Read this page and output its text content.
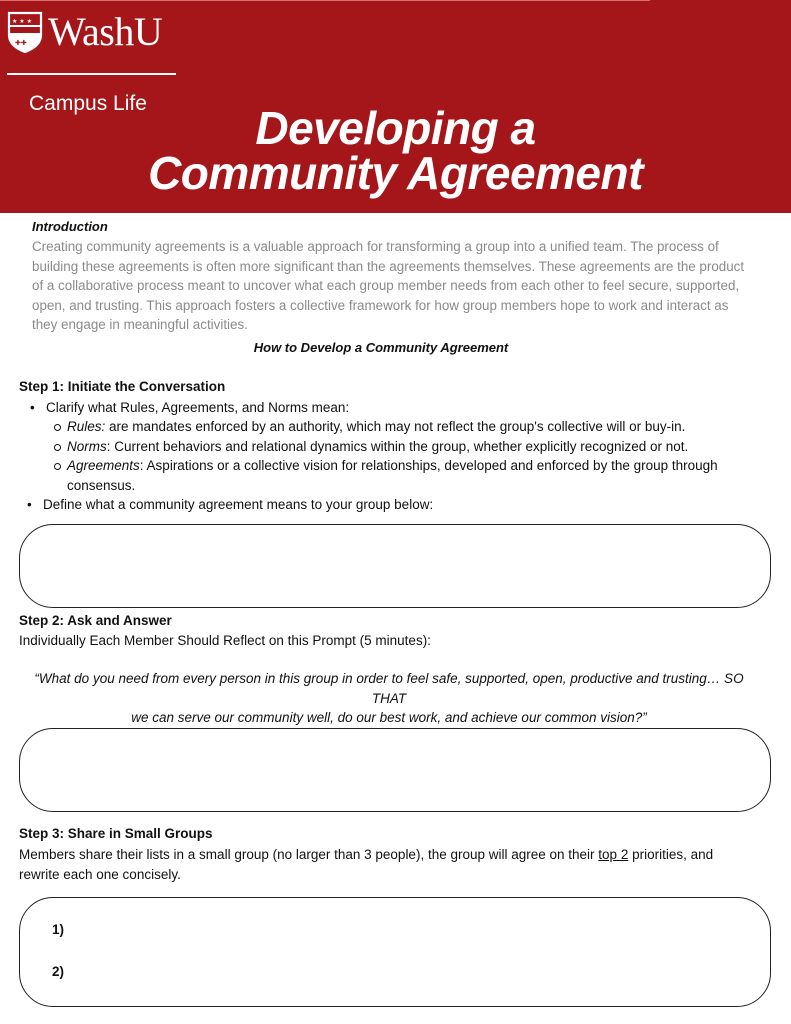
★ ★ ★
✚✚ WashU
Campus Life	Developing a
Community Agreement
Introduction

Creating community agreements is a valuable approach for transforming a group into a unified team. The process of building these agreements is often more significant than the agreements themselves. These agreements are the product of a collaborative process meant to uncover what each group member needs from each other to feel secure, supported, open, and trusting. This approach fosters a collective framework for how group members hope to work and interact as they engage in meaningful activities.

How to Develop a Community Agreement
Step 1: Initiate the Conversation
• Clarify what Rules, Agreements, and Norms mean:
Rules: are mandates enforced by an authority, which may not reflect the group's collective will or buy-in.
Norms: Current behaviors and relational dynamics within the group, whether explicitly recognized or not.
Agreements: Aspirations or a collective vision for relationships, developed and enforced by the group through
consensus.
• Define what a community agreement means to your group below:
Step 2: Ask and Answer
Individually Each Member Should Reflect on this Prompt (5 minutes):
“What do you need from every person in this group in order to feel safe, supported, open, productive and trusting… SO THAT
we can serve our community well, do our best work, and achieve our common vision?”
Step 3: Share in Small Groups
Members share their lists in a small group (no larger than 3 people), the group will agree on their top 2 priorities, and
rewrite each one concisely.
1)
2)
